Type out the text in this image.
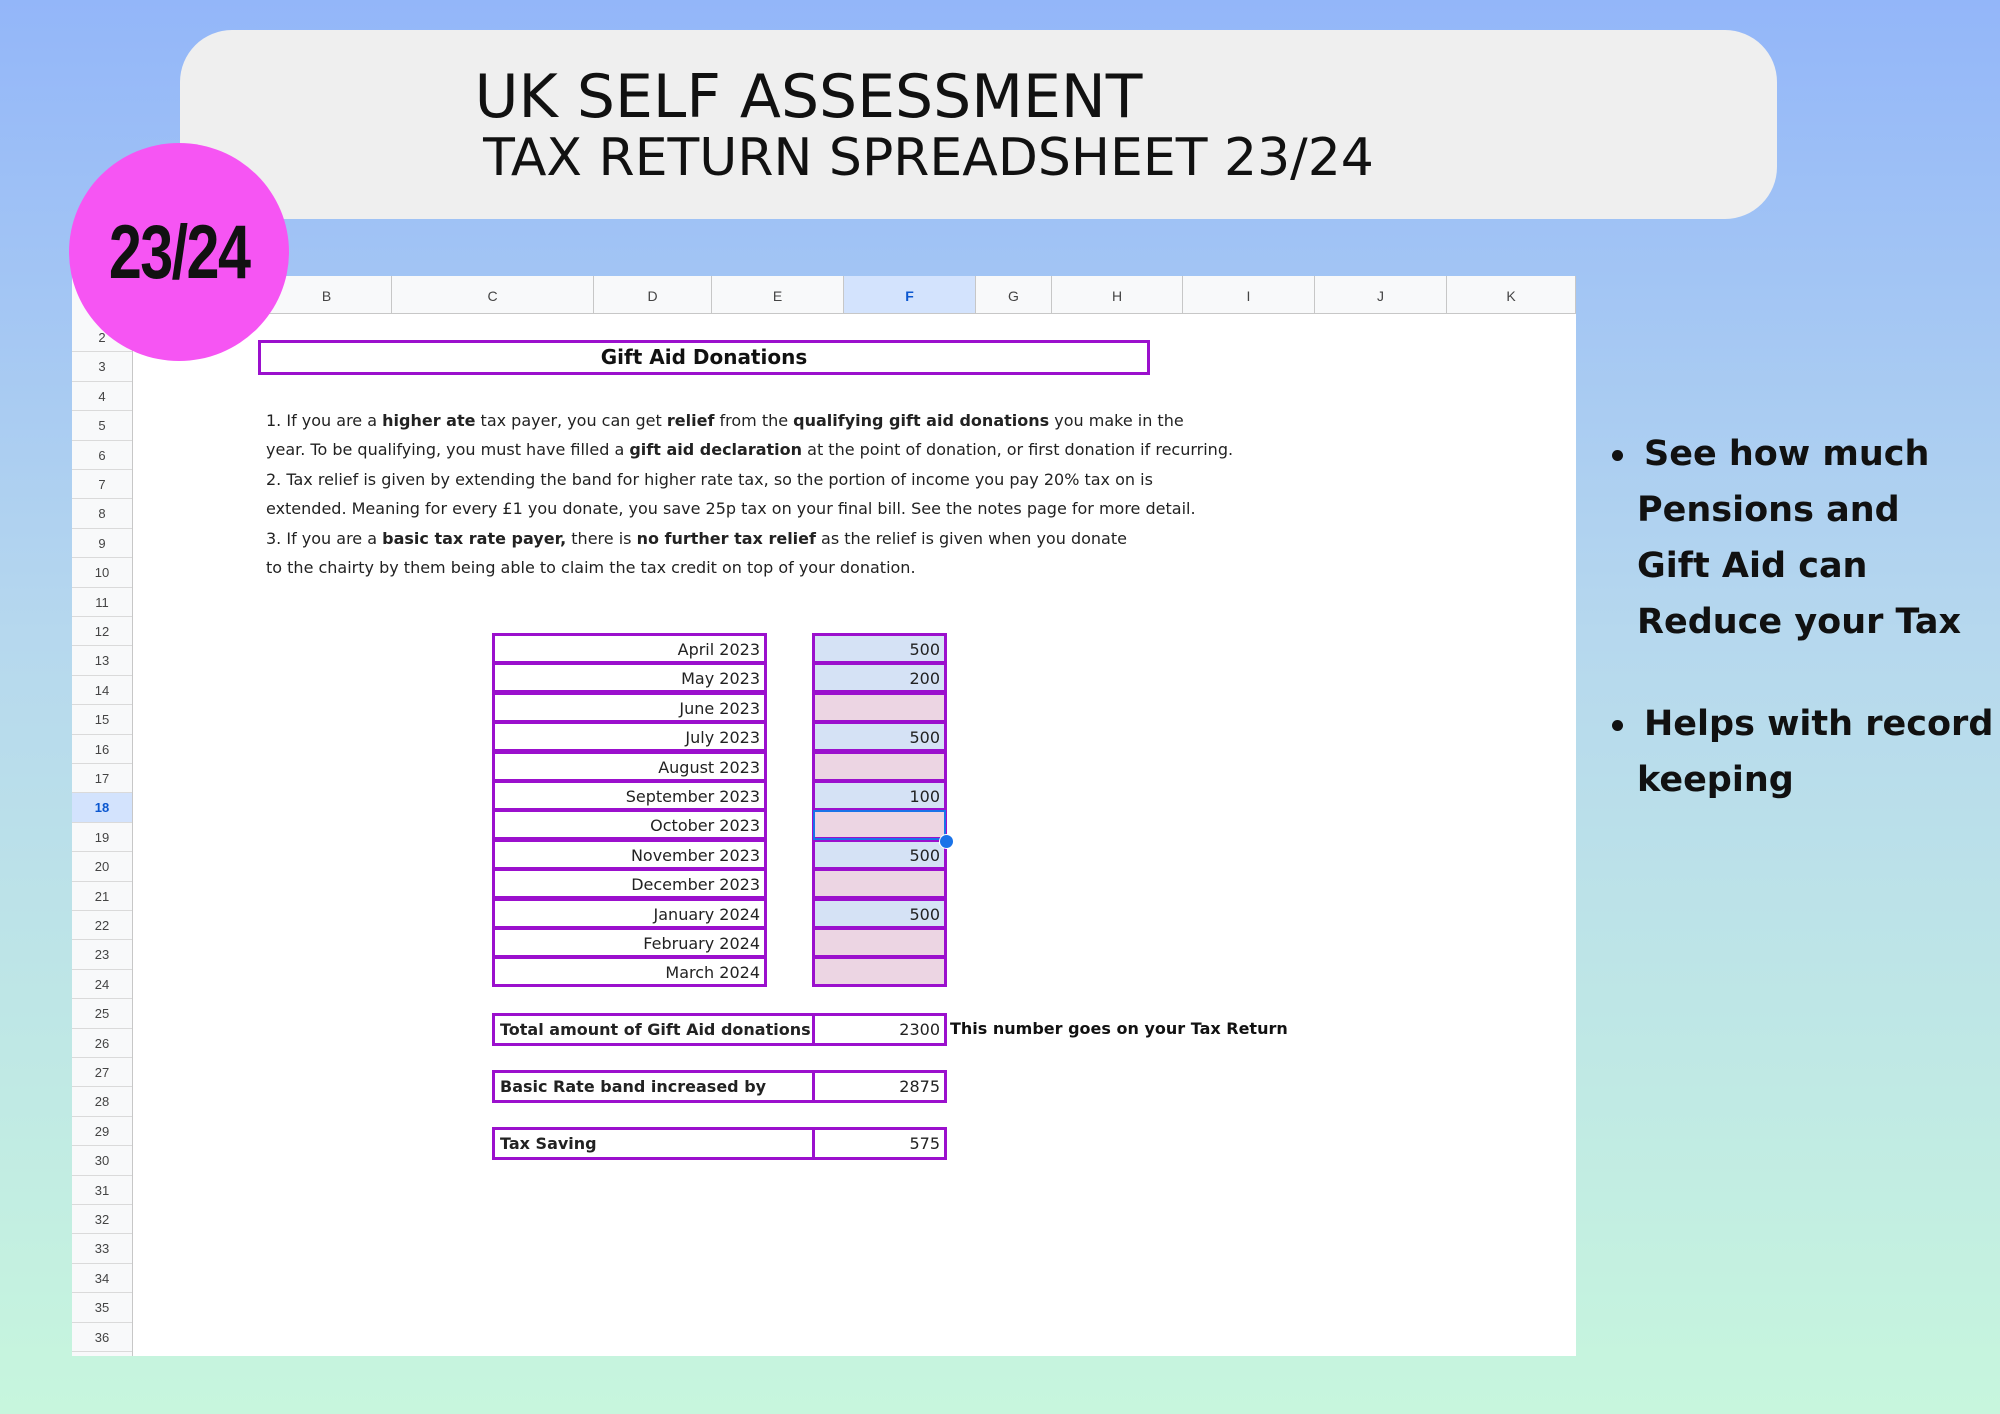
UK SELF ASSESSMENT
TAX RETURN SPREADSHEET 23/24
23/24
B	C	D	E	F	G	H	I	J	K
2
3
4
5
6
7
8
9
10
11
12
13
14
15
16
17
18
19
20
21
22
23
24
25
26
27
28
29
30
31
32
33
34
35
36
Gift Aid Donations
1. If you are a higher ate tax payer, you can get relief from the qualifying gift aid donations you make in the
year. To be qualifying, you must have filled a gift aid declaration at the point of donation, or first donation if recurring.
2. Tax relief is given by extending the band for higher rate tax, so the portion of income you pay 20% tax on is
extended. Meaning for every £1 you donate, you save 25p tax on your final bill. See the notes page for more detail.
3. If you are a basic tax rate payer, there is no further tax relief as the relief is given when you donate
to the chairty by them being able to claim the tax credit on top of your donation.
April 2023	500
May 2023	200
June 2023
July 2023	500
August 2023
September 2023	100
October 2023
November 2023	500
December 2023
January 2024	500
February 2024
March 2024
Total amount of Gift Aid donations	2300 This number goes on your Tax Return
Basic Rate band increased by	2875
Tax Saving	575
See how much
Pensions and
Gift Aid can
Reduce your Tax
Helps with record
keeping
